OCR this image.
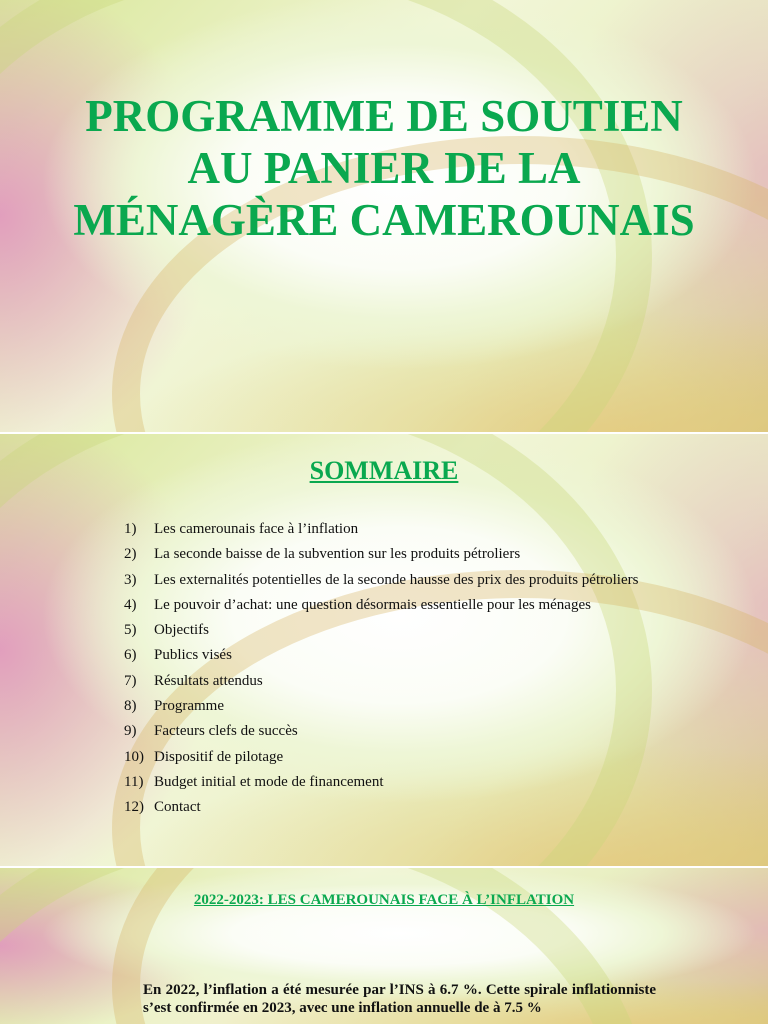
PROGRAMME DE SOUTIEN AU PANIER DE LA MÉNAGÈRE CAMEROUNAIS
SOMMAIRE
1)	Les camerounais face à l’inflation
2)	La seconde baisse de la subvention sur les produits pétroliers
3)	Les externalités potentielles de la seconde hausse des prix des produits pétroliers
4)	Le pouvoir d’achat: une question désormais essentielle pour les ménages
5)	Objectifs
6)	Publics visés
7)	Résultats attendus
8)	Programme
9)	Facteurs clefs de succès
10) Dispositif de pilotage
11) Budget initial et mode de financement
12) Contact
2022-2023: LES CAMEROUNAIS FACE À L’INFLATION

En 2022, l’inflation a été mesurée par l’INS à 6.7 %. Cette spirale inflationniste s’est confirmée en 2023, avec une inflation annuelle de à 7.5 %
